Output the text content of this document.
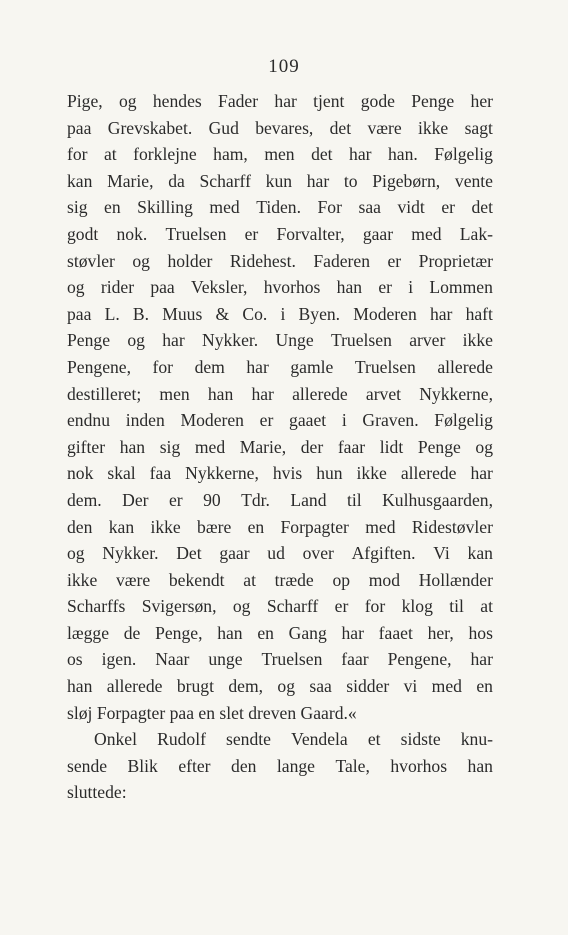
109
Pige, og hendes Fader har tjent gode Penge her
paa Grevskabet. Gud bevares, det være ikke sagt
for at forklejne ham, men det har han. Følgelig
kan Marie, da Scharff kun har to Pigebørn, vente
sig en Skilling med Tiden. For saa vidt er det
godt nok. Truelsen er Forvalter, gaar med Lak-
støvler og holder Ridehest. Faderen er Proprietær
og rider paa Veksler, hvorhos han er i Lommen
paa L. B. Muus & Co. i Byen. Moderen har haft
Penge og har Nykker. Unge Truelsen arver ikke
Pengene, for dem har gamle Truelsen allerede
destilleret; men han har allerede arvet Nykkerne,
endnu inden Moderen er gaaet i Graven. Følgelig
gifter han sig med Marie, der faar lidt Penge og
nok skal faa Nykkerne, hvis hun ikke allerede har
dem. Der er 90 Tdr. Land til Kulhusgaarden,
den kan ikke bære en Forpagter med Ridestøvler
og Nykker. Det gaar ud over Afgiften. Vi kan
ikke være bekendt at træde op mod Hollænder
Scharffs Svigersøn, og Scharff er for klog til at
lægge de Penge, han en Gang har faaet her, hos
os igen. Naar unge Truelsen faar Pengene, har
han allerede brugt dem, og saa sidder vi med en
sløj Forpagter paa en slet dreven Gaard.«
Onkel Rudolf sendte Vendela et sidste knu-
sende Blik efter den lange Tale, hvorhos han
sluttede:
